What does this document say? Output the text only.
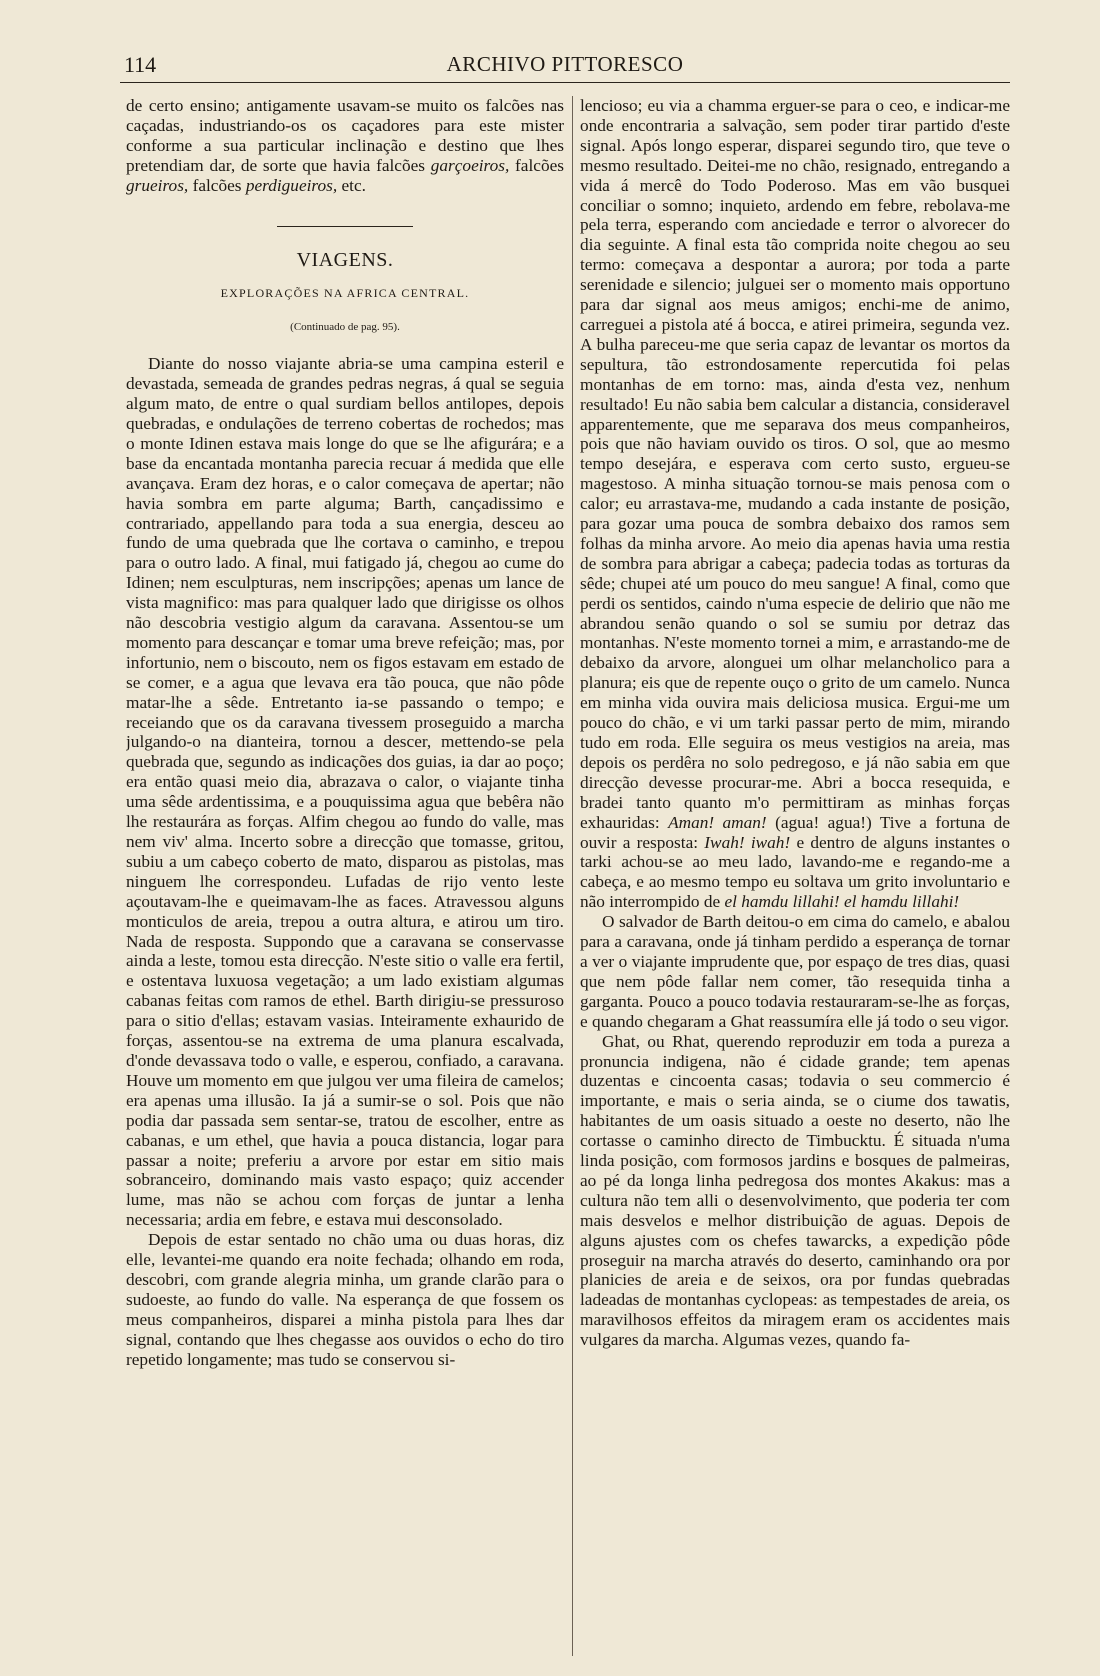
114	ARCHIVO PITTORESCO

de certo ensino; antigamente usavam-se muito os falcões nas caçadas, industriando-os os caçadores para este mister conforme a sua particular inclinação e destino que lhes pretendiam dar, de sorte que havia falcões garçoeiros, falcões grueiros, falcões perdigueiros, etc.

VIAGENS.
EXPLORAÇÕES NA AFRICA CENTRAL.
(Continuado de pag. 95).

Diante do nosso viajante abria-se uma campina esteril e devastada, semeada de grandes pedras negras, á qual se seguia algum mato, de entre o qual surdiam bellos antilopes, depois quebradas, e ondulações de terreno cobertas de rochedos; mas o monte Idinen estava mais longe do que se lhe afigurára; e a base da encantada montanha parecia recuar á medida que elle avançava. Eram dez horas, e o calor começava de apertar; não havia sombra em parte alguma; Barth, cançadissimo e contrariado, appellando para toda a sua energia, desceu ao fundo de uma quebrada que lhe cortava o caminho, e trepou para o outro lado. A final, mui fatigado já, chegou ao cume do Idinen; nem esculpturas, nem inscripções; apenas um lance de vista magnifico: mas para qualquer lado que dirigisse os olhos não descobria vestigio algum da caravana. Assentou-se um momento para descançar e tomar uma breve refeição; mas, por infortunio, nem o biscouto, nem os figos estavam em estado de se comer, e a agua que levava era tão pouca, que não pôde matar-lhe a sêde. Entretanto ia-se passando o tempo; e receiando que os da caravana tivessem proseguido a marcha julgando-o na dianteira, tornou a descer, mettendo-se pela quebrada que, segundo as indicações dos guias, ia dar ao poço; era então quasi meio dia, abrazava o calor, o viajante tinha uma sêde ardentissima, e a pouquissima agua que bebêra não lhe restaurára as forças. Alfim chegou ao fundo do valle, mas nem viv' alma. Incerto sobre a direcção que tomasse, gritou, subiu a um cabeço coberto de mato, disparou as pistolas, mas ninguem lhe correspondeu. Lufadas de rijo vento leste açoutavam-lhe e queimavam-lhe as faces. Atravessou alguns monticulos de areia, trepou a outra altura, e atirou um tiro. Nada de resposta. Suppondo que a caravana se conservasse ainda a leste, tomou esta direcção. N'este sitio o valle era fertil, e ostentava luxuosa vegetação; a um lado existiam algumas cabanas feitas com ramos de ethel. Barth dirigiu-se pressuroso para o sitio d'ellas; estavam vasias. Inteiramente exhaurido de forças, assentou-se na extrema de uma planura escalvada, d'onde devassava todo o valle, e esperou, confiado, a caravana. Houve um momento em que julgou ver uma fileira de camelos; era apenas uma illusão. Ia já a sumir-se o sol. Pois que não podia dar passada sem sentar-se, tratou de escolher, entre as cabanas, e um ethel, que havia a pouca distancia, logar para passar a noite; preferiu a arvore por estar em sitio mais sobranceiro, dominando mais vasto espaço; quiz accender lume, mas não se achou com forças de juntar a lenha necessaria; ardia em febre, e estava mui desconsolado.

Depois de estar sentado no chão uma ou duas horas, diz elle, levantei-me quando era noite fechada; olhando em roda, descobri, com grande alegria minha, um grande clarão para o sudoeste, ao fundo do valle. Na esperança de que fossem os meus companheiros, disparei a minha pistola para lhes dar signal, contando que lhes chegasse aos ouvidos o echo do tiro repetido longamente; mas tudo se conservou si-

lencioso; eu via a chamma erguer-se para o ceo, e indicar-me onde encontraria a salvação, sem poder tirar partido d'este signal. Após longo esperar, disparei segundo tiro, que teve o mesmo resultado. Deitei-me no chão, resignado, entregando a vida á mercê do Todo Poderoso. Mas em vão busquei conciliar o somno; inquieto, ardendo em febre, rebolava-me pela terra, esperando com anciedade e terror o alvorecer do dia seguinte. A final esta tão comprida noite chegou ao seu termo: começava a despontar a aurora; por toda a parte serenidade e silencio; julguei ser o momento mais opportuno para dar signal aos meus amigos; enchi-me de animo, carreguei a pistola até á bocca, e atirei primeira, segunda vez. A bulha pareceu-me que seria capaz de levantar os mortos da sepultura, tão estrondosamente repercutida foi pelas montanhas de em torno: mas, ainda d'esta vez, nenhum resultado! Eu não sabia bem calcular a distancia, consideravel apparentemente, que me separava dos meus companheiros, pois que não haviam ouvido os tiros. O sol, que ao mesmo tempo desejára, e esperava com certo susto, ergueu-se magestoso. A minha situação tornou-se mais penosa com o calor; eu arrastava-me, mudando a cada instante de posição, para gozar uma pouca de sombra debaixo dos ramos sem folhas da minha arvore. Ao meio dia apenas havia uma restia de sombra para abrigar a cabeça; padecia todas as torturas da sêde; chupei até um pouco do meu sangue! A final, como que perdi os sentidos, caindo n'uma especie de delirio que não me abrandou senão quando o sol se sumiu por detraz das montanhas. N'este momento tornei a mim, e arrastando-me de debaixo da arvore, alonguei um olhar melancholico para a planura; eis que de repente ouço o grito de um camelo. Nunca em minha vida ouvira mais deliciosa musica. Ergui-me um pouco do chão, e vi um tarki passar perto de mim, mirando tudo em roda. Elle seguira os meus vestigios na areia, mas depois os perdêra no solo pedregoso, e já não sabia em que direcção devesse procurar-me. Abri a bocca resequida, e bradei tanto quanto m'o permittiram as minhas forças exhauridas: Aman! aman! (agua! agua!) Tive a fortuna de ouvir a resposta: Iwah! iwah! e dentro de alguns instantes o tarki achou-se ao meu lado, lavando-me e regando-me a cabeça, e ao mesmo tempo eu soltava um grito involuntario e não interrompido de el hamdu lillahi! el hamdu lillahi!

O salvador de Barth deitou-o em cima do camelo, e abalou para a caravana, onde já tinham perdido a esperança de tornar a ver o viajante imprudente que, por espaço de tres dias, quasi que nem pôde fallar nem comer, tão resequida tinha a garganta. Pouco a pouco todavia restauraram-se-lhe as forças, e quando chegaram a Ghat reassumíra elle já todo o seu vigor.

Ghat, ou Rhat, querendo reproduzir em toda a pureza a pronuncia indigena, não é cidade grande; tem apenas duzentas e cincoenta casas; todavia o seu commercio é importante, e mais o seria ainda, se o ciume dos tawatis, habitantes de um oasis situado a oeste no deserto, não lhe cortasse o caminho directo de Timbucktu. É situada n'uma linda posição, com formosos jardins e bosques de palmeiras, ao pé da longa linha pedregosa dos montes Akakus: mas a cultura não tem alli o desenvolvimento, que poderia ter com mais desvelos e melhor distribuição de aguas. Depois de alguns ajustes com os chefes tawarcks, a expedição pôde proseguir na marcha através do deserto, caminhando ora por planicies de areia e de seixos, ora por fundas quebradas ladeadas de montanhas cyclopeas: as tempestades de areia, os maravilhosos effeitos da miragem eram os accidentes mais vulgares da marcha. Algumas vezes, quando fa-
